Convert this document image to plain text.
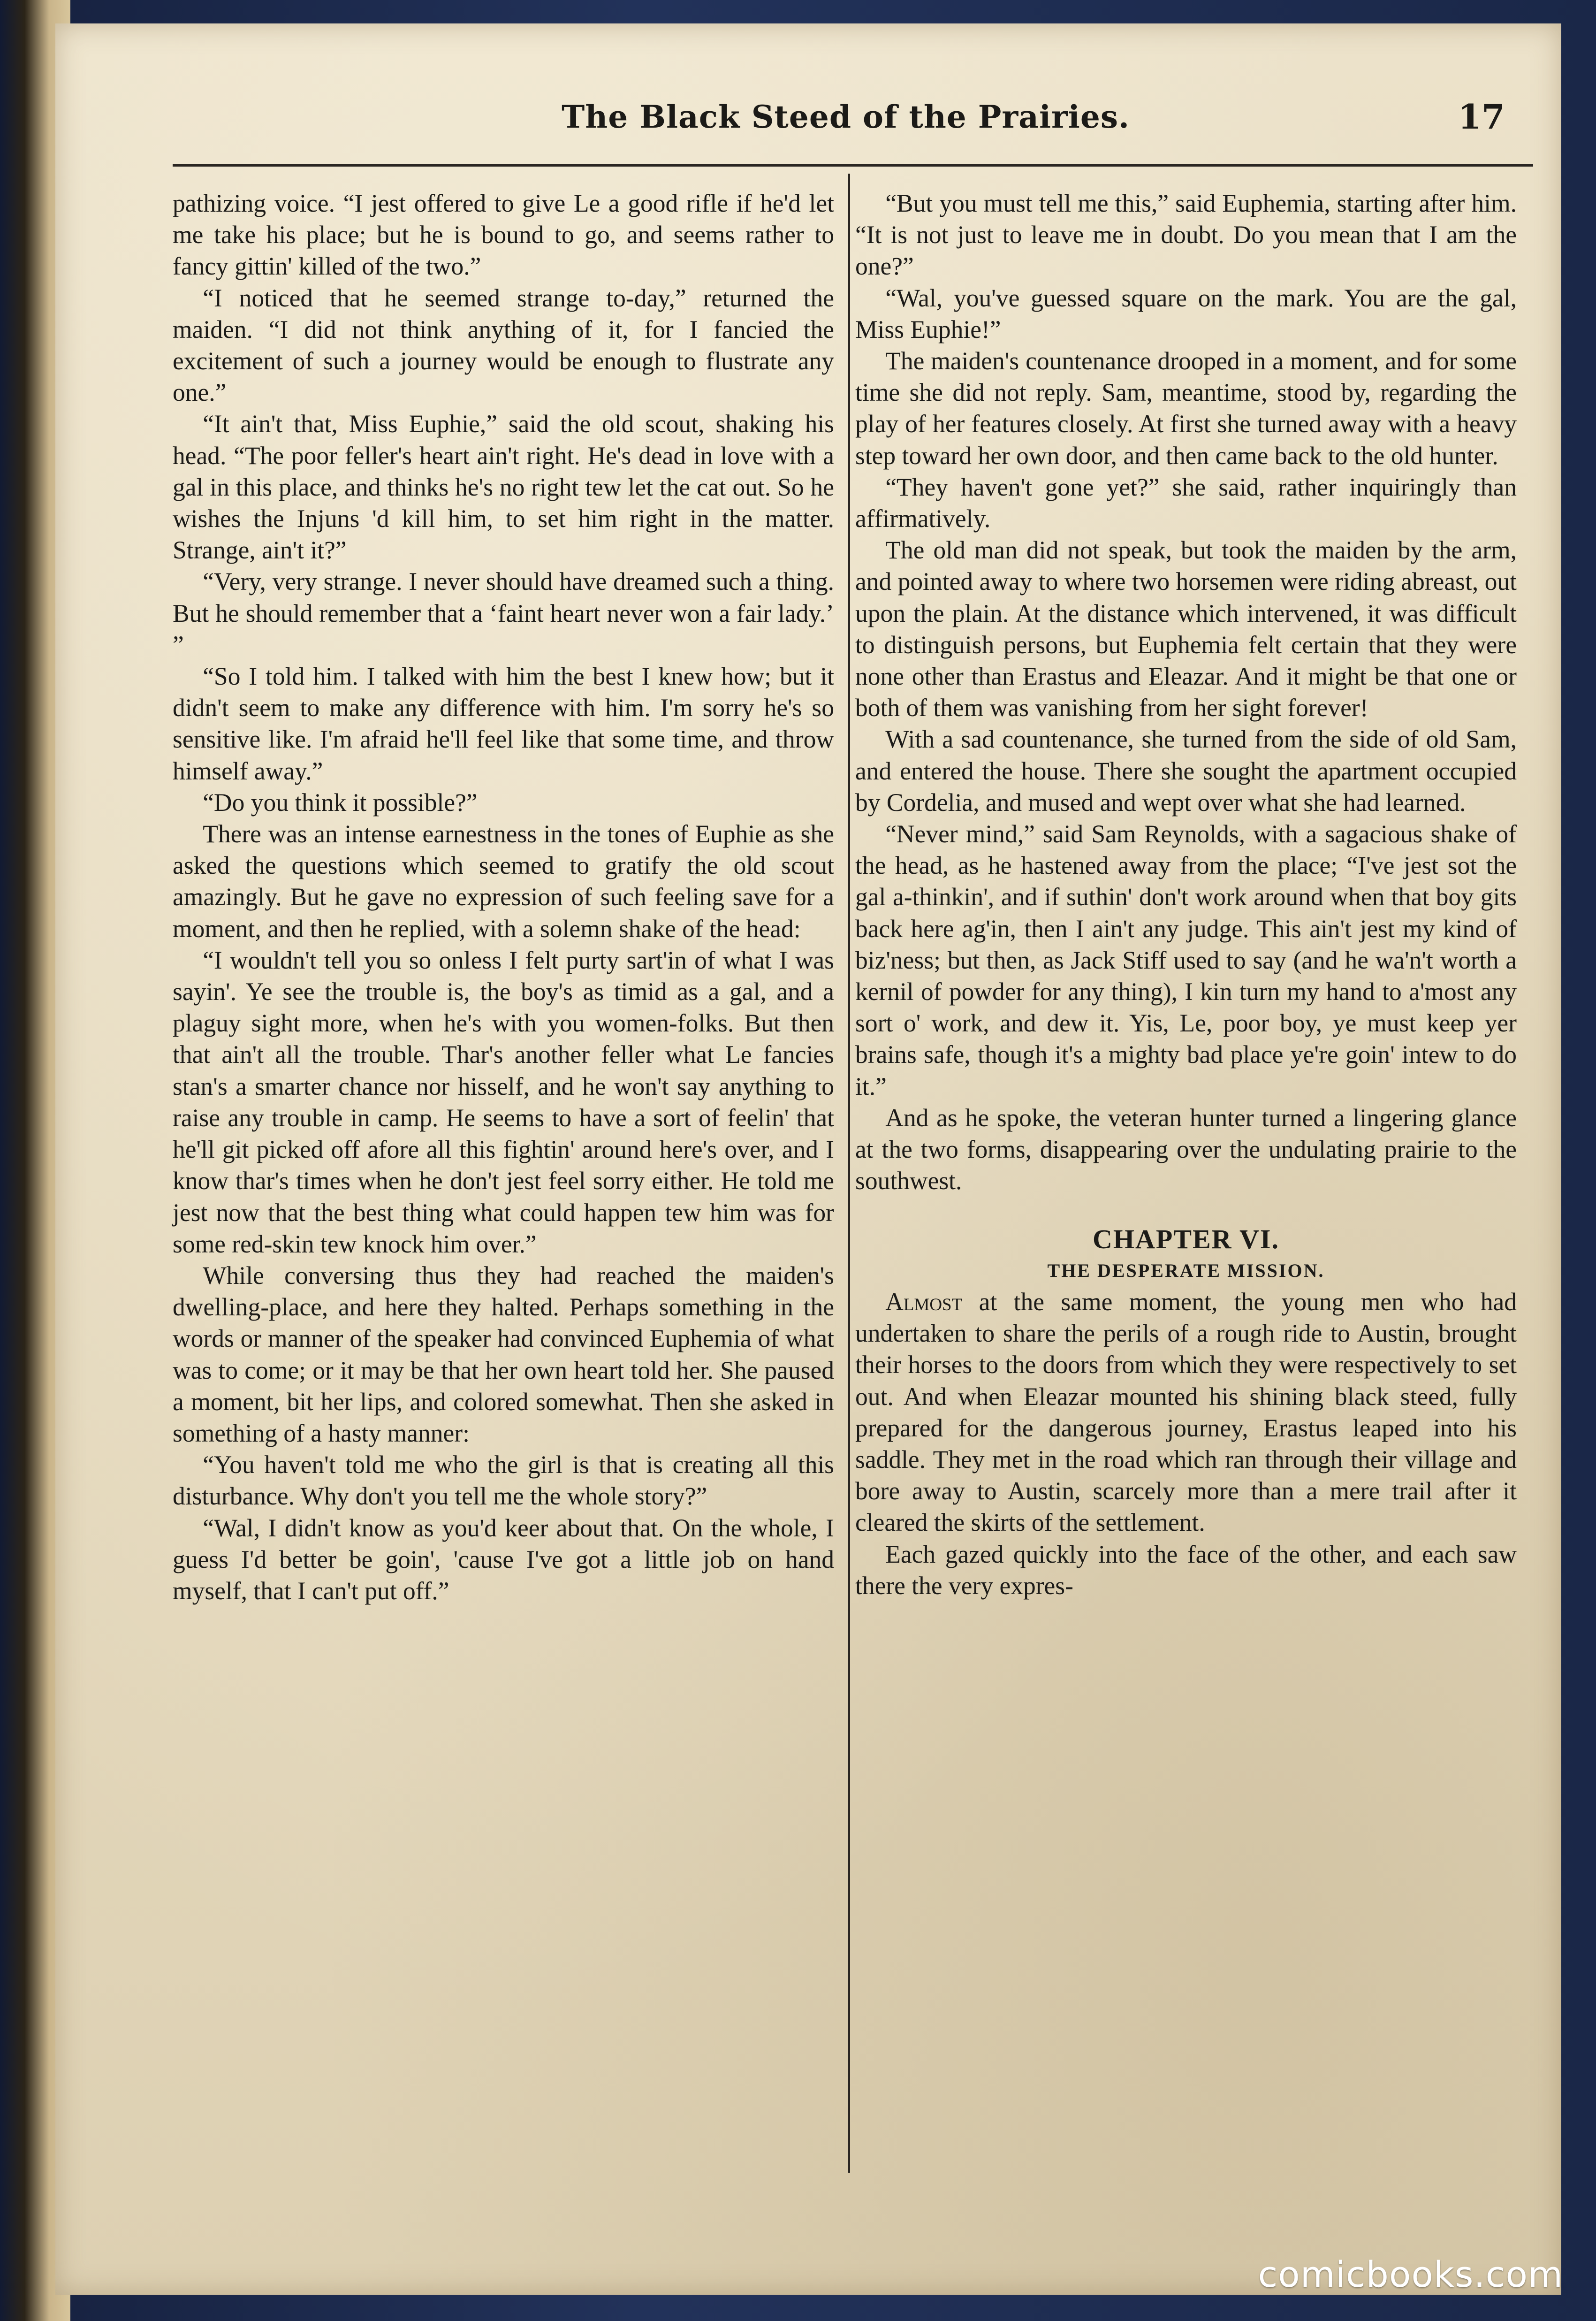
The Black Steed of the Prairies.	17

pathizing voice. “I jest offered to give Le a good rifle if he'd let me take his place; but he is bound to go, and seems rather to fancy gittin' killed of the two.”

“I noticed that he seemed strange to-day,” returned the maiden. “I did not think anything of it, for I fancied the excitement of such a journey would be enough to flustrate any one.”

“It ain't that, Miss Euphie,” said the old scout, shaking his head. “The poor feller's heart ain't right. He's dead in love with a gal in this place, and thinks he's no right tew let the cat out. So he wishes the Injuns 'd kill him, to set him right in the matter. Strange, ain't it?”

“Very, very strange. I never should have dreamed such a thing. But he should remember that a ‘faint heart never won a fair lady.’ ”

“So I told him. I talked with him the best I knew how; but it didn't seem to make any difference with him. I'm sorry he's so sensitive like. I'm afraid he'll feel like that some time, and throw himself away.”

“Do you think it possible?”

There was an intense earnestness in the tones of Euphie as she asked the questions which seemed to gratify the old scout amazingly. But he gave no expression of such feeling save for a moment, and then he replied, with a solemn shake of the head:

“I wouldn't tell you so onless I felt purty sart'in of what I was sayin'. Ye see the trouble is, the boy's as timid as a gal, and a plaguy sight more, when he's with you women-folks. But then that ain't all the trouble. Thar's another feller what Le fancies stan's a smarter chance nor hisself, and he won't say anything to raise any trouble in camp. He seems to have a sort of feelin' that he'll git picked off afore all this fightin' around here's over, and I know thar's times when he don't jest feel sorry either. He told me jest now that the best thing what could happen tew him was for some red-skin tew knock him over.”

While conversing thus they had reached the maiden's dwelling-place, and here they halted. Perhaps something in the words or manner of the speaker had convinced Euphemia of what was to come; or it may be that her own heart told her. She paused a moment, bit her lips, and colored somewhat. Then she asked in something of a hasty manner:

“You haven't told me who the girl is that is creating all this disturbance. Why don't you tell me the whole story?”

“Wal, I didn't know as you'd keer about that. On the whole, I guess I'd better be goin', 'cause I've got a little job on hand myself, that I can't put off.”

“But you must tell me this,” said Euphemia, starting after him. “It is not just to leave me in doubt. Do you mean that I am the one?”

“Wal, you've guessed square on the mark. You are the gal, Miss Euphie!”

The maiden's countenance drooped in a moment, and for some time she did not reply. Sam, meantime, stood by, regarding the play of her features closely. At first she turned away with a heavy step toward her own door, and then came back to the old hunter.

“They haven't gone yet?” she said, rather inquiringly than affirmatively.

The old man did not speak, but took the maiden by the arm, and pointed away to where two horsemen were riding abreast, out upon the plain. At the distance which intervened, it was difficult to distinguish persons, but Euphemia felt certain that they were none other than Erastus and Eleazar. And it might be that one or both of them was vanishing from her sight forever!

With a sad countenance, she turned from the side of old Sam, and entered the house. There she sought the apartment occupied by Cordelia, and mused and wept over what she had learned.

“Never mind,” said Sam Reynolds, with a sagacious shake of the head, as he hastened away from the place; “I've jest sot the gal a-thinkin', and if suthin' don't work around when that boy gits back here ag'in, then I ain't any judge. This ain't jest my kind of biz'ness; but then, as Jack Stiff used to say (and he wa'n't worth a kernil of powder for any thing), I kin turn my hand to a'most any sort o' work, and dew it. Yis, Le, poor boy, ye must keep yer brains safe, though it's a mighty bad place ye're goin' intew to do it.”

And as he spoke, the veteran hunter turned a lingering glance at the two forms, disappearing over the undulating prairie to the southwest.

CHAPTER VI.
THE DESPERATE MISSION.

Almost at the same moment, the young men who had undertaken to share the perils of a rough ride to Austin, brought their horses to the doors from which they were respectively to set out. And when Eleazar mounted his shining black steed, fully prepared for the dangerous journey, Erastus leaped into his saddle. They met in the road which ran through their village and bore away to Austin, scarcely more than a mere trail after it cleared the skirts of the settlement.

Each gazed quickly into the face of the other, and each saw there the very expres-

comicbooks.com
